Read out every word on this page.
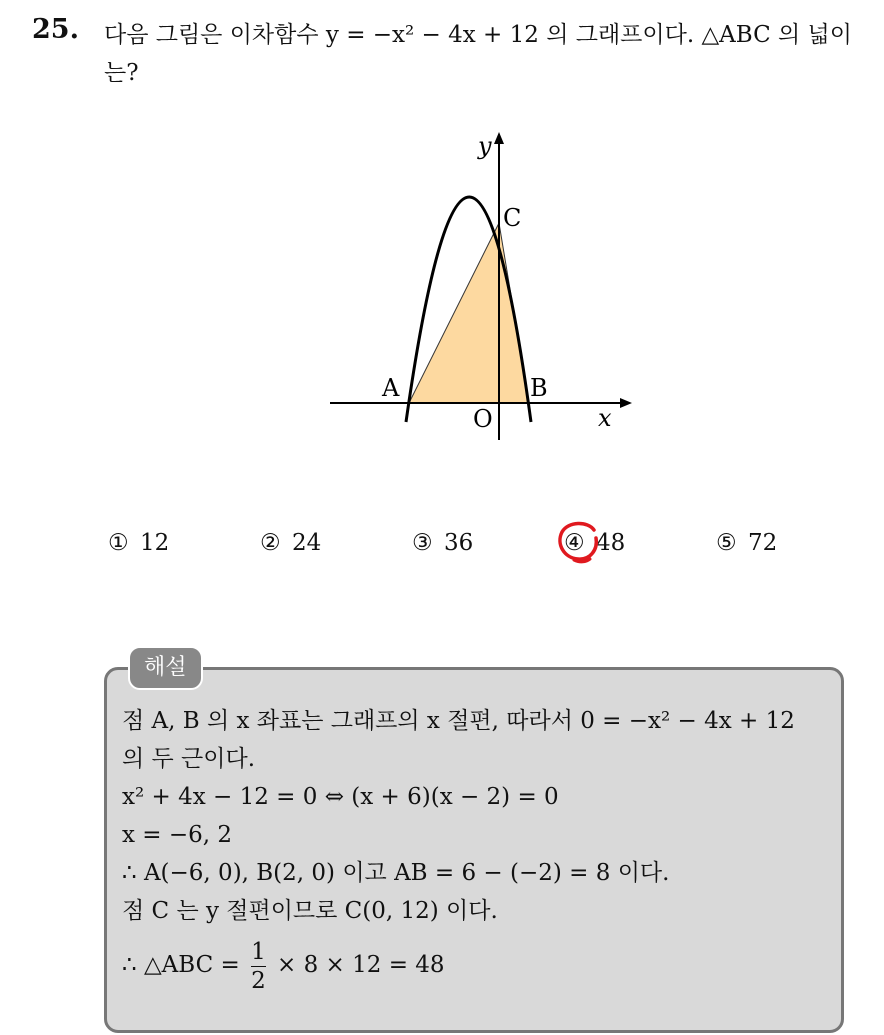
25. 다음 그림은 이차함수 y = −x² − 4x + 12 의 그래프이다. △ABC 의 넓이는?
y
x
A	B
C
O
① 12	② 24	③ 36	④ 48	⑤ 72
해설
점 A, B 의 x 좌표는 그래프의 x 절편, 따라서 0 = −x² − 4x + 12
의 두 근이다.
x² + 4x − 12 = 0 ⇔ (x + 6)(x − 2) = 0
x = −6, 2
∴ A(−6, 0), B(2, 0) 이고 AB = 6 − (−2) = 8 이다.
점 C 는 y 절편이므로 C(0, 12) 이다.
∴ △ABC = $\frac{1}{2} \times 8 \times 12 = 48$
